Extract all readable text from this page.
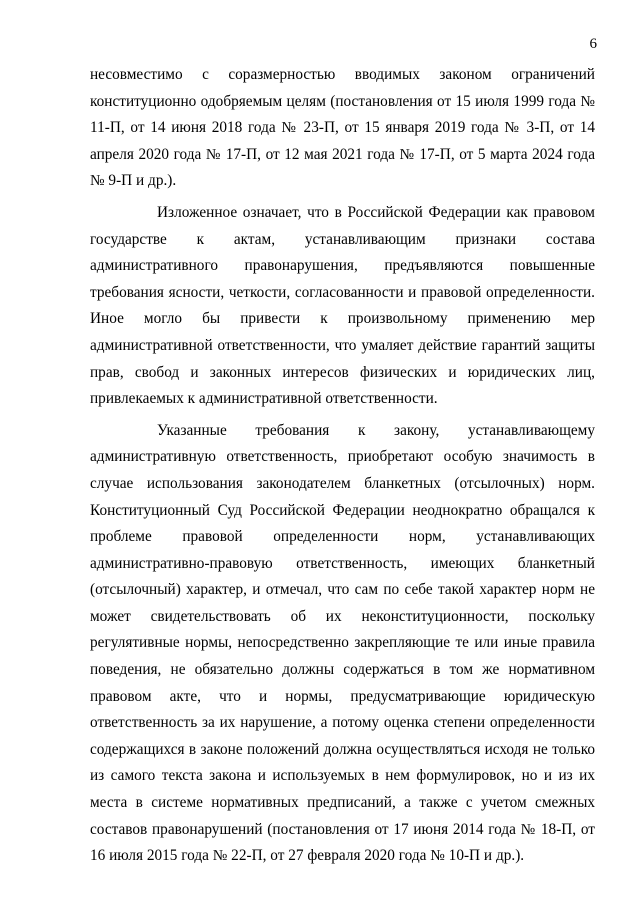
6

несовместимо с соразмерностью вводимых законом ограничений конституционно одобряемым целям (постановления от 15 июля 1999 года № 11-П, от 14 июня 2018 года № 23-П, от 15 января 2019 года № 3-П, от 14 апреля 2020 года № 17-П, от 12 мая 2021 года № 17-П, от 5 марта 2024 года № 9-П и др.).

Изложенное означает, что в Российской Федерации как правовом государстве к актам, устанавливающим признаки состава административного правонарушения, предъявляются повышенные требования ясности, четкости, согласованности и правовой определенности. Иное могло бы привести к произвольному применению мер административной ответственности, что умаляет действие гарантий защиты прав, свобод и законных интересов физических и юридических лиц, привлекаемых к административной ответственности.

Указанные требования к закону, устанавливающему административную ответственность, приобретают особую значимость в случае использования законодателем бланкетных (отсылочных) норм. Конституционный Суд Российской Федерации неоднократно обращался к проблеме правовой определенности норм, устанавливающих административно-правовую ответственность, имеющих бланкетный (отсылочный) характер, и отмечал, что сам по себе такой характер норм не может свидетельствовать об их неконституционности, поскольку регулятивные нормы, непосредственно закрепляющие те или иные правила поведения, не обязательно должны содержаться в том же нормативном правовом акте, что и нормы, предусматривающие юридическую ответственность за их нарушение, а потому оценка степени определенности содержащихся в законе положений должна осуществляться исходя не только из самого текста закона и используемых в нем формулировок, но и из их места в системе нормативных предписаний, а также с учетом смежных составов правонарушений (постановления от 17 июня 2014 года № 18-П, от 16 июля 2015 года № 22-П, от 27 февраля 2020 года № 10-П и др.).
